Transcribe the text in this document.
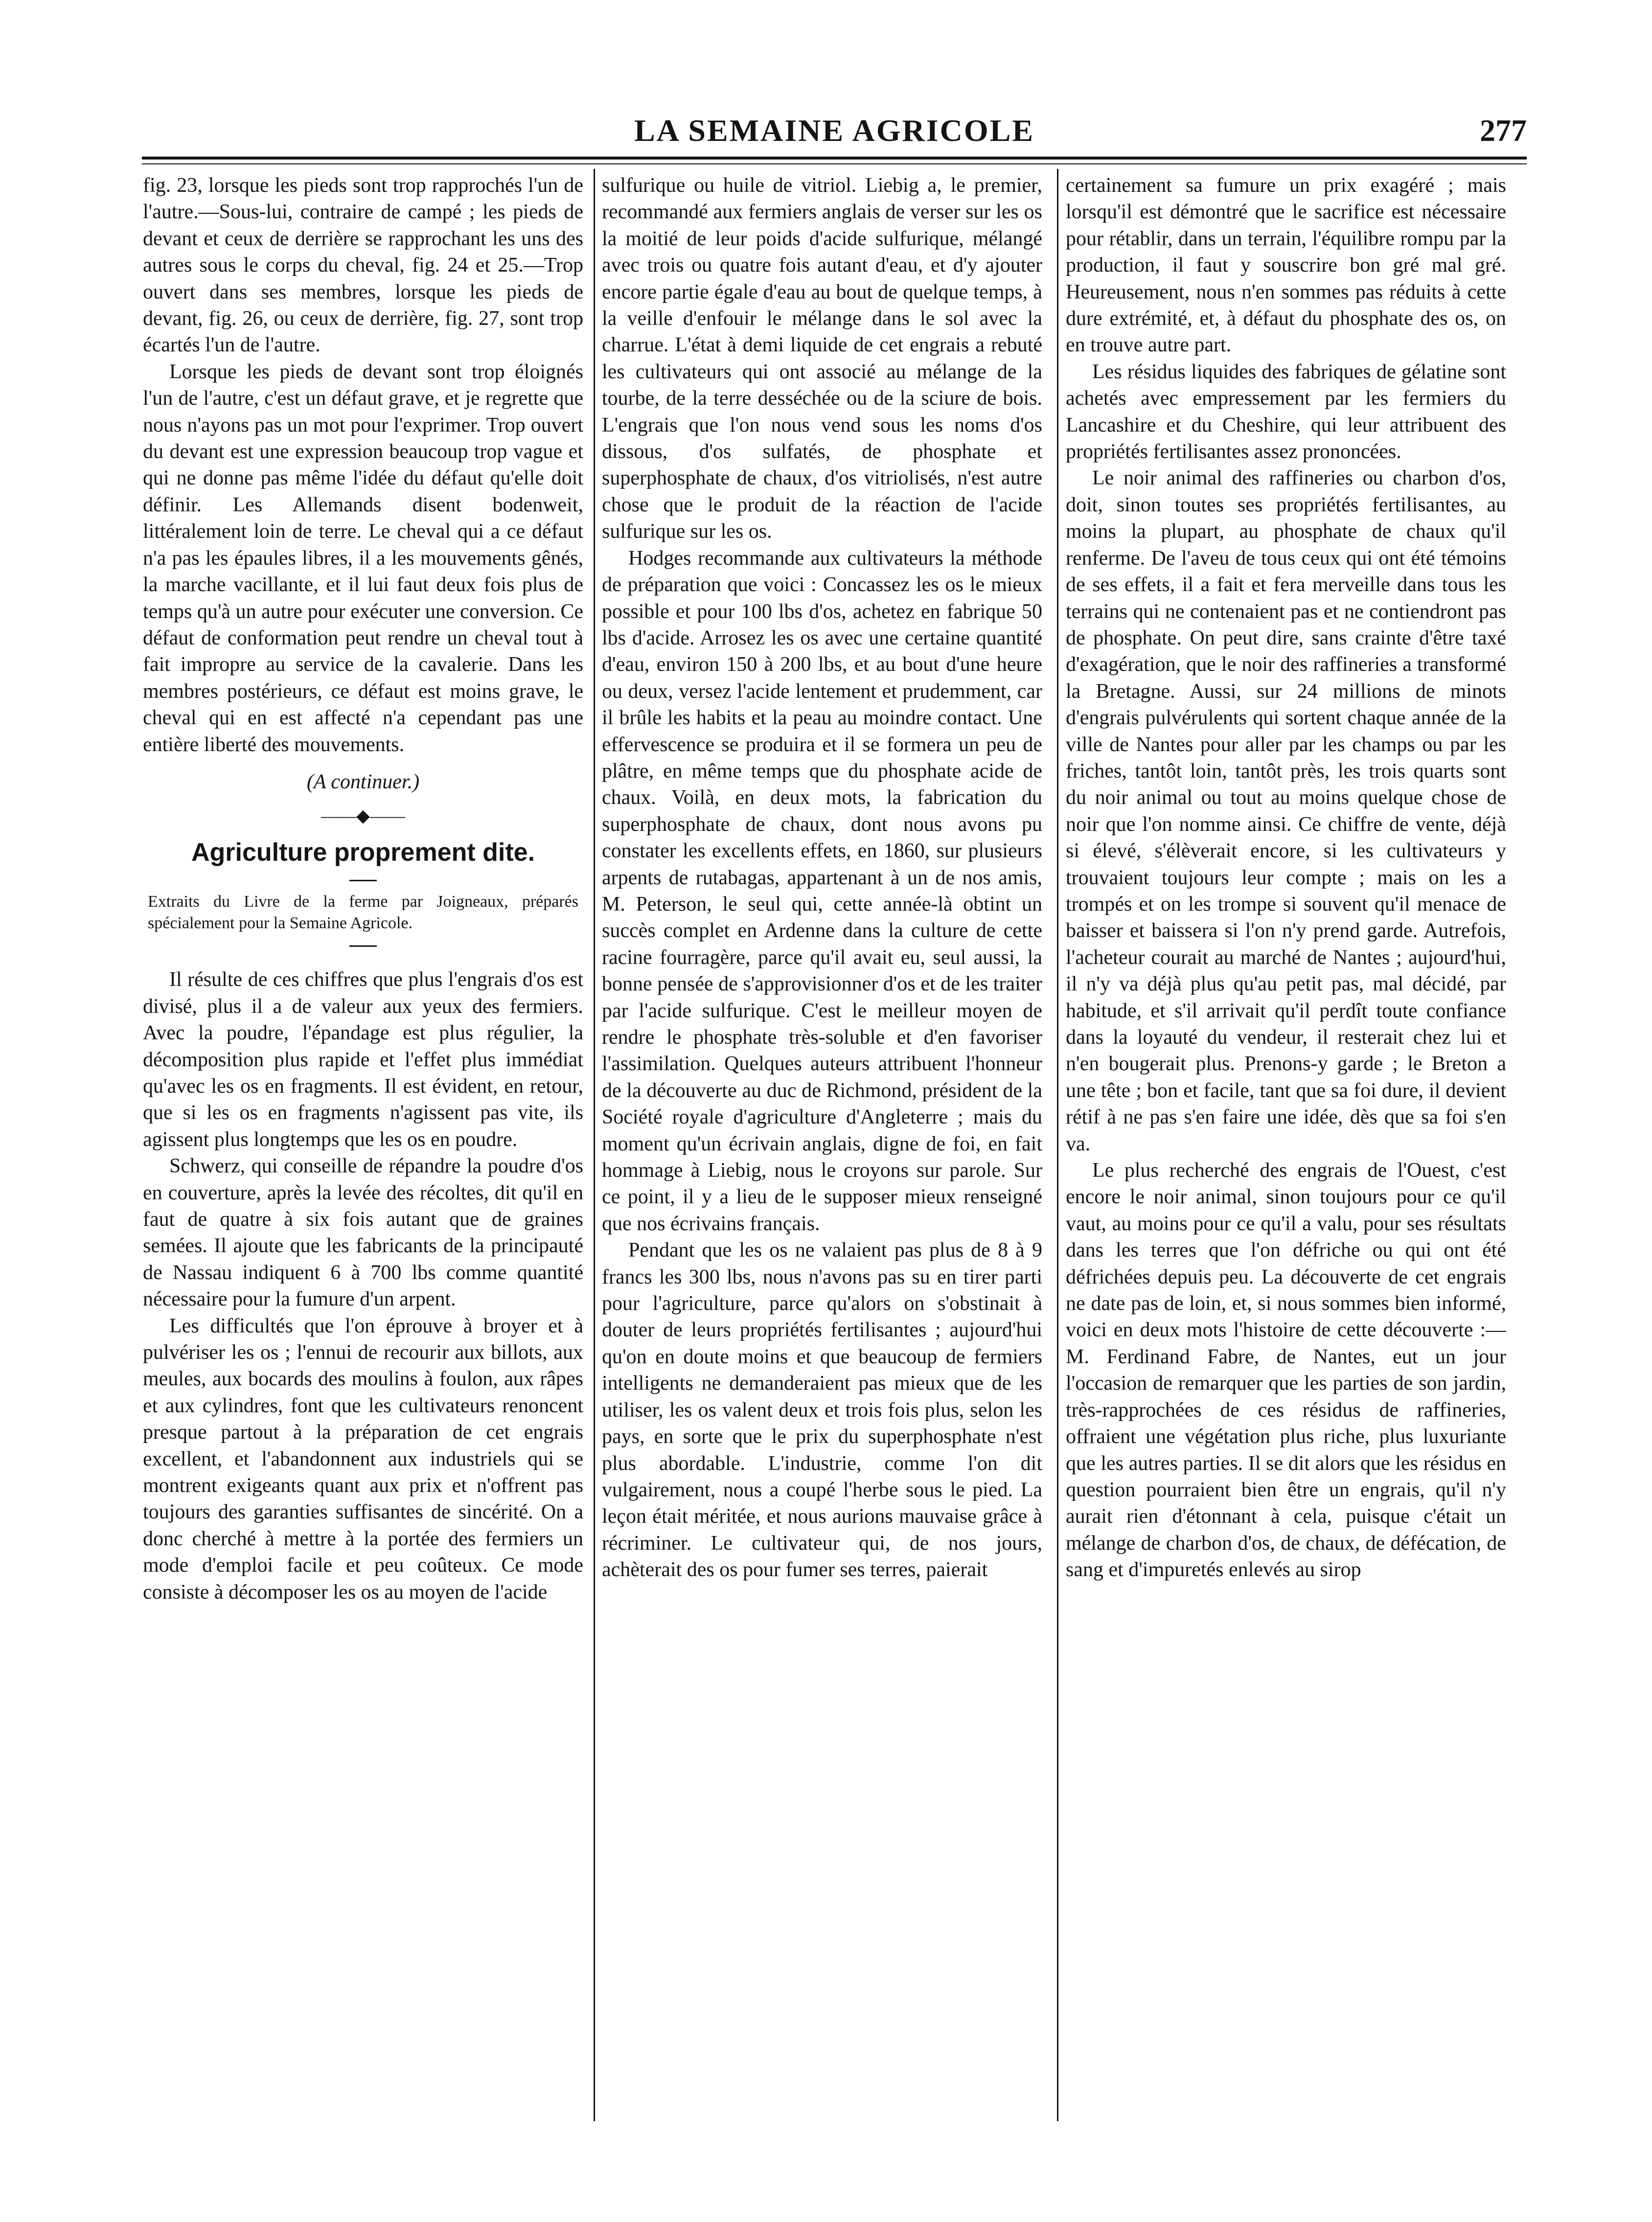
LA SEMAINE AGRICOLE	277

fig. 23, lorsque les pieds sont trop rapprochés l'un de l'autre.—Sous-lui, contraire de campé ; les pieds de devant et ceux de derrière se rapprochant les uns des autres sous le corps du cheval, fig. 24 et 25.—Trop ouvert dans ses membres, lorsque les pieds de devant, fig. 26, ou ceux de derrière, fig. 27, sont trop écartés l'un de l'autre.

Lorsque les pieds de devant sont trop éloignés l'un de l'autre, c'est un défaut grave, et je regrette que nous n'ayons pas un mot pour l'exprimer. Trop ouvert du devant est une expression beaucoup trop vague et qui ne donne pas même l'idée du défaut qu'elle doit définir. Les Allemands disent bodenweit, littéralement loin de terre. Le cheval qui a ce défaut n'a pas les épaules libres, il a les mouvements gênés, la marche vacillante, et il lui faut deux fois plus de temps qu'à un autre pour exécuter une conversion. Ce défaut de conformation peut rendre un cheval tout à fait impropre au service de la cavalerie. Dans les membres postérieurs, ce défaut est moins grave, le cheval qui en est affecté n'a cependant pas une entière liberté des mouvements.

(A continuer.)

——◆——
Agriculture proprement dite.

Extraits du Livre de la ferme par Joigneaux, préparés spécialement pour la Semaine Agricole.

Il résulte de ces chiffres que plus l'engrais d'os est divisé, plus il a de valeur aux yeux des fermiers. Avec la poudre, l'épandage est plus régulier, la décomposition plus rapide et l'effet plus immédiat qu'avec les os en fragments. Il est évident, en retour, que si les os en fragments n'agissent pas vite, ils agissent plus longtemps que les os en poudre.

Schwerz, qui conseille de répandre la poudre d'os en couverture, après la levée des récoltes, dit qu'il en faut de quatre à six fois autant que de graines semées. Il ajoute que les fabricants de la principauté de Nassau indiquent 6 à 700 lbs comme quantité nécessaire pour la fumure d'un arpent.

Les difficultés que l'on éprouve à broyer et à pulvériser les os ; l'ennui de recourir aux billots, aux meules, aux bocards des moulins à foulon, aux râpes et aux cylindres, font que les cultivateurs renoncent presque partout à la préparation de cet engrais excellent, et l'abandonnent aux industriels qui se montrent exigeants quant aux prix et n'offrent pas toujours des garanties suffisantes de sincérité. On a donc cherché à mettre à la portée des fermiers un mode d'emploi facile et peu coûteux. Ce mode consiste à décomposer les os au moyen de l'acide

sulfurique ou huile de vitriol. Liebig a, le premier, recommandé aux fermiers anglais de verser sur les os la moitié de leur poids d'acide sulfurique, mélangé avec trois ou quatre fois autant d'eau, et d'y ajouter encore partie égale d'eau au bout de quelque temps, à la veille d'enfouir le mélange dans le sol avec la charrue. L'état à demi liquide de cet engrais a rebuté les cultivateurs qui ont associé au mélange de la tourbe, de la terre desséchée ou de la sciure de bois. L'engrais que l'on nous vend sous les noms d'os dissous, d'os sulfatés, de phosphate et superphosphate de chaux, d'os vitriolisés, n'est autre chose que le produit de la réaction de l'acide sulfurique sur les os.

Hodges recommande aux cultivateurs la méthode de préparation que voici : Concassez les os le mieux possible et pour 100 lbs d'os, achetez en fabrique 50 lbs d'acide. Arrosez les os avec une certaine quantité d'eau, environ 150 à 200 lbs, et au bout d'une heure ou deux, versez l'acide lentement et prudemment, car il brûle les habits et la peau au moindre contact. Une effervescence se produira et il se formera un peu de plâtre, en même temps que du phosphate acide de chaux. Voilà, en deux mots, la fabrication du superphosphate de chaux, dont nous avons pu constater les excellents effets, en 1860, sur plusieurs arpents de rutabagas, appartenant à un de nos amis, M. Peterson, le seul qui, cette année-là obtint un succès complet en Ardenne dans la culture de cette racine fourragère, parce qu'il avait eu, seul aussi, la bonne pensée de s'approvisionner d'os et de les traiter par l'acide sulfurique. C'est le meilleur moyen de rendre le phosphate très-soluble et d'en favoriser l'assimilation. Quelques auteurs attribuent l'honneur de la découverte au duc de Richmond, président de la Société royale d'agriculture d'Angleterre ; mais du moment qu'un écrivain anglais, digne de foi, en fait hommage à Liebig, nous le croyons sur parole. Sur ce point, il y a lieu de le supposer mieux renseigné que nos écrivains français.

Pendant que les os ne valaient pas plus de 8 à 9 francs les 300 lbs, nous n'avons pas su en tirer parti pour l'agriculture, parce qu'alors on s'obstinait à douter de leurs propriétés fertilisantes ; aujourd'hui qu'on en doute moins et que beaucoup de fermiers intelligents ne demanderaient pas mieux que de les utiliser, les os valent deux et trois fois plus, selon les pays, en sorte que le prix du superphosphate n'est plus abordable. L'industrie, comme l'on dit vulgairement, nous a coupé l'herbe sous le pied. La leçon était méritée, et nous aurions mauvaise grâce à récriminer. Le cultivateur qui, de nos jours, achèterait des os pour fumer ses terres, paierait

certainement sa fumure un prix exagéré ; mais lorsqu'il est démontré que le sacrifice est nécessaire pour rétablir, dans un terrain, l'équilibre rompu par la production, il faut y souscrire bon gré mal gré. Heureusement, nous n'en sommes pas réduits à cette dure extrémité, et, à défaut du phosphate des os, on en trouve autre part.

Les résidus liquides des fabriques de gélatine sont achetés avec empressement par les fermiers du Lancashire et du Cheshire, qui leur attribuent des propriétés fertilisantes assez prononcées.

Le noir animal des raffineries ou charbon d'os, doit, sinon toutes ses propriétés fertilisantes, au moins la plupart, au phosphate de chaux qu'il renferme. De l'aveu de tous ceux qui ont été témoins de ses effets, il a fait et fera merveille dans tous les terrains qui ne contenaient pas et ne contiendront pas de phosphate. On peut dire, sans crainte d'être taxé d'exagération, que le noir des raffineries a transformé la Bretagne. Aussi, sur 24 millions de minots d'engrais pulvérulents qui sortent chaque année de la ville de Nantes pour aller par les champs ou par les friches, tantôt loin, tantôt près, les trois quarts sont du noir animal ou tout au moins quelque chose de noir que l'on nomme ainsi. Ce chiffre de vente, déjà si élevé, s'élèverait encore, si les cultivateurs y trouvaient toujours leur compte ; mais on les a trompés et on les trompe si souvent qu'il menace de baisser et baissera si l'on n'y prend garde. Autrefois, l'acheteur courait au marché de Nantes ; aujourd'hui, il n'y va déjà plus qu'au petit pas, mal décidé, par habitude, et s'il arrivait qu'il perdît toute confiance dans la loyauté du vendeur, il resterait chez lui et n'en bougerait plus. Prenons-y garde ; le Breton a une tête ; bon et facile, tant que sa foi dure, il devient rétif à ne pas s'en faire une idée, dès que sa foi s'en va.

Le plus recherché des engrais de l'Ouest, c'est encore le noir animal, sinon toujours pour ce qu'il vaut, au moins pour ce qu'il a valu, pour ses résultats dans les terres que l'on défriche ou qui ont été défrichées depuis peu. La découverte de cet engrais ne date pas de loin, et, si nous sommes bien informé, voici en deux mots l'histoire de cette découverte :—M. Ferdinand Fabre, de Nantes, eut un jour l'occasion de remarquer que les parties de son jardin, très-rapprochées de ces résidus de raffineries, offraient une végétation plus riche, plus luxuriante que les autres parties. Il se dit alors que les résidus en question pourraient bien être un engrais, qu'il n'y aurait rien d'étonnant à cela, puisque c'était un mélange de charbon d'os, de chaux, de défécation, de sang et d'impuretés enlevés au sirop
